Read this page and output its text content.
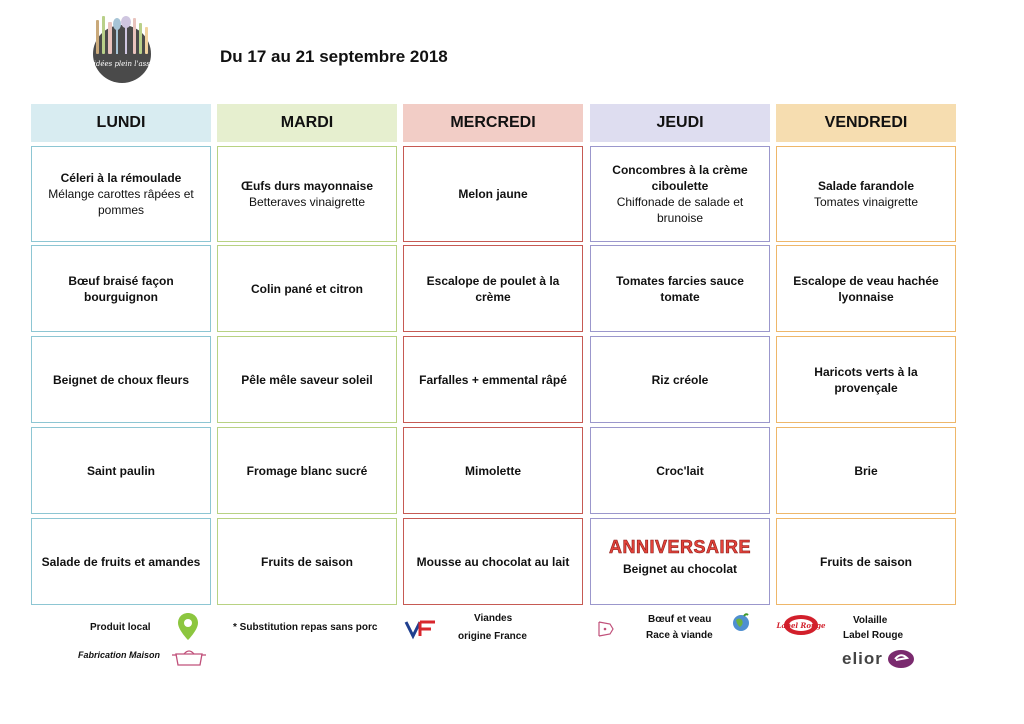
Des idées plein l'assiette	Du 17 au 21 septembre 2018
LUNDI
Céleri à la rémoulade
Mélange carottes râpées et pommes
Bœuf braisé façon bourguignon
Beignet de choux fleurs
Saint paulin
Salade de fruits et amandes
MARDI
Œufs durs mayonnaise
Betteraves vinaigrette
Colin pané et citron
Pêle mêle saveur soleil
Fromage blanc sucré
Fruits de saison
MERCREDI
Melon jaune
Escalope de poulet à la crème
Farfalles + emmental râpé
Mimolette
Mousse au chocolat au lait
JEUDI
Concombres à la crème ciboulette
Chiffonade de salade et brunoise
Tomates farcies sauce tomate
Riz créole
Croc'lait
ANNIVERSAIRE
Beignet au chocolat
VENDREDI
Salade farandole
Tomates vinaigrette
Escalope de veau hachée lyonnaise
Haricots verts à la provençale
Brie
Fruits de saison
Produit local
Fabrication Maison
* Substitution repas sans porc
Viandes
origine France
Bœuf et veau
Race à viande
Label Rouge	Volaille
Label Rouge
elior
